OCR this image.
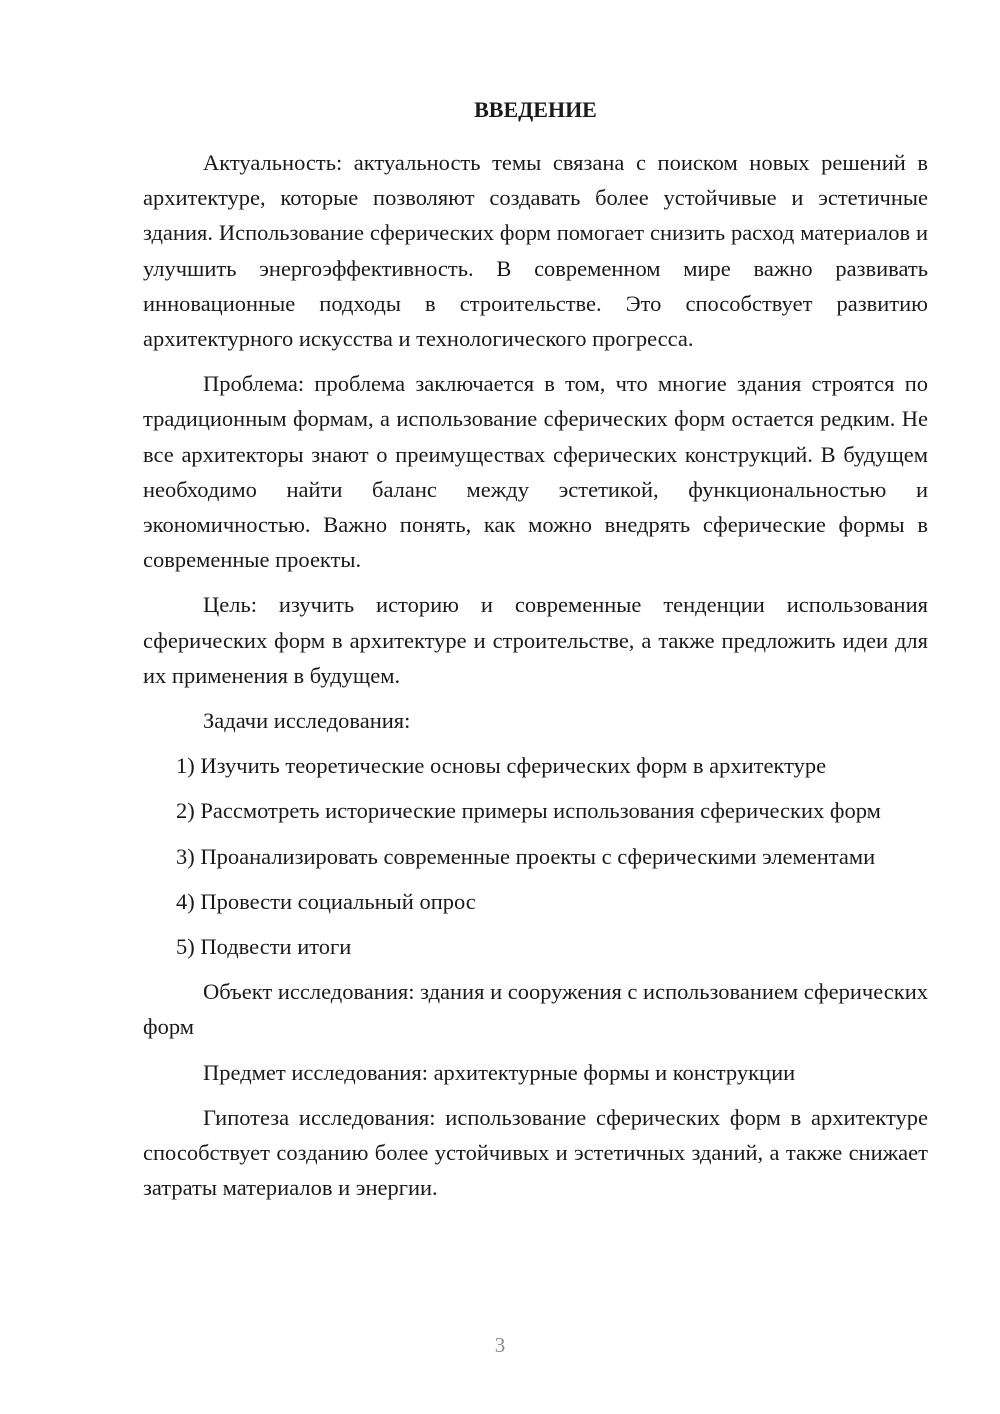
ВВЕДЕНИЕ

Актуальность: актуальность темы связана с поиском новых решений в архитектуре, которые позволяют создавать более устойчивые и эстетичные здания. Использование сферических форм помогает снизить расход материалов и улучшить энергоэффективность. В современном мире важно развивать инновационные подходы в строительстве. Это способствует развитию архитектурного искусства и технологического прогресса.

Проблема: проблема заключается в том, что многие здания строятся по традиционным формам, а использование сферических форм остается редким. Не все архитекторы знают о преимуществах сферических конструкций. В будущем необходимо найти баланс между эстетикой, функциональностью и экономичностью. Важно понять, как можно внедрять сферические формы в современные проекты.

Цель: изучить историю и современные тенденции использования сферических форм в архитектуре и строительстве, а также предложить идеи для их применения в будущем.

Задачи исследования:

1) Изучить теоретические основы сферических форм в архитектуре

2) Рассмотреть исторические примеры использования сферических форм

3) Проанализировать современные проекты с сферическими элементами

4) Провести социальный опрос

5) Подвести итоги

Объект исследования: здания и сооружения с использованием сферических форм

Предмет исследования: архитектурные формы и конструкции

Гипотеза исследования: использование сферических форм в архитектуре способствует созданию более устойчивых и эстетичных зданий, а также снижает затраты материалов и энергии.

3
